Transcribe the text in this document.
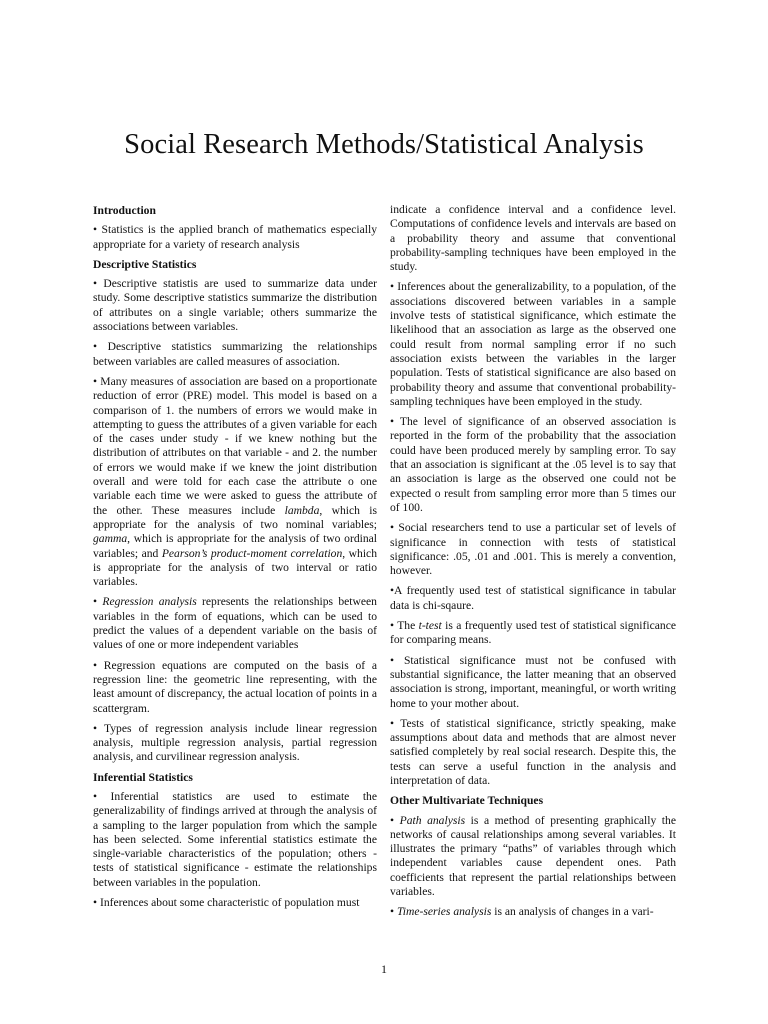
Social Research Methods/Statistical Analysis
Introduction

• Statistics is the applied branch of mathematics especially appropriate for a variety of research analysis

Descriptive Statistics

• Descriptive statistis are used to summarize data under study. Some descriptive statistics summarize the distribution of attributes on a single variable; others summarize the associations between variables.

• Descriptive statistics summarizing the relationships between variables are called measures of association.

• Many measures of association are based on a proportionate reduction of error (PRE) model. This model is based on a comparison of 1. the numbers of errors we would make in attempting to guess the attributes of a given variable for each of the cases under study - if we knew nothing but the distribution of attributes on that variable - and 2. the number of errors we would make if we knew the joint distribution overall and were told for each case the attribute o one variable each time we were asked to guess the attribute of the other. These measures include lambda, which is appropriate for the analysis of two nominal variables; gamma, which is appropriate for the analysis of two ordinal variables; and Pearson’s product-moment correlation, which is appropriate for the analysis of two interval or ratio variables.

• Regression analysis represents the relationships between variables in the form of equations, which can be used to predict the values of a dependent variable on the basis of values of one or more independent variables

• Regression equations are computed on the basis of a regression line: the geometric line representing, with the least amount of discrepancy, the actual location of points in a scattergram.

• Types of regression analysis include linear regression analysis, multiple regression analysis, partial regression analysis, and curvilinear regression analysis.

Inferential Statistics

• Inferential statistics are used to estimate the generalizability of findings arrived at through the analysis of a sampling to the larger population from which the sample has been selected. Some inferential statistics estimate the single-variable characteristics of the population; others - tests of statistical significance - estimate the relationships between variables in the population.

• Inferences about some characteristic of population must

indicate a confidence interval and a confidence level. Computations of confidence levels and intervals are based on a probability theory and assume that conventional probability-sampling techniques have been employed in the study.

• Inferences about the generalizability, to a population, of the associations discovered between variables in a sample involve tests of statistical significance, which estimate the likelihood that an association as large as the observed one could result from normal sampling error if no such association exists between the variables in the larger population. Tests of statistical significance are also based on probability theory and assume that conventional probability-sampling techniques have been employed in the study.

• The level of significance of an observed association is reported in the form of the probability that the association could have been produced merely by sampling error. To say that an association is significant at the .05 level is to say that an association is large as the observed one could not be expected o result from sampling error more than 5 times our of 100.

• Social researchers tend to use a particular set of levels of significance in connection with tests of statistical significance: .05, .01 and .001. This is merely a convention, however.

•A frequently used test of statistical significance in tabular data is chi-sqaure.

• The t-test is a frequently used test of statistical significance for comparing means.

• Statistical significance must not be confused with substantial significance, the latter meaning that an observed association is strong, important, meaningful, or worth writing home to your mother about.

• Tests of statistical significance, strictly speaking, make assumptions about data and methods that are almost never satisfied completely by real social research. Despite this, the tests can serve a useful function in the analysis and interpretation of data.

Other Multivariate Techniques

• Path analysis is a method of presenting graphically the networks of causal relationships among several variables. It illustrates the primary “paths” of variables through which independent variables cause dependent ones. Path coefficients that represent the partial relationships between variables.

• Time-series analysis is an analysis of changes in a vari-

1
